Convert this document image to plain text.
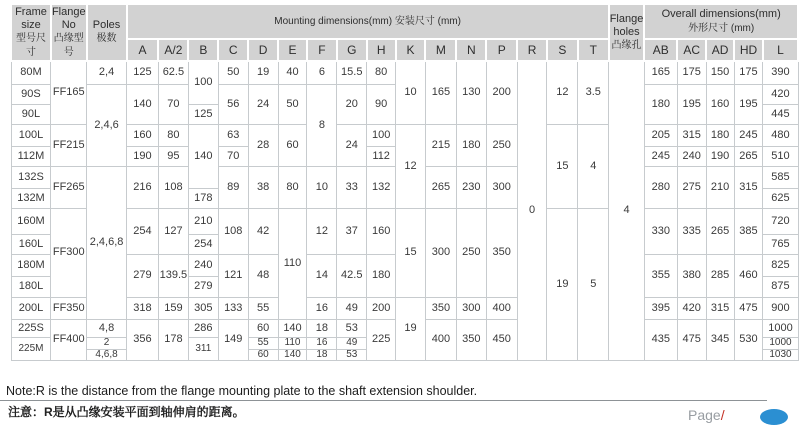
Frame
size
型号尺寸	Flange
No
凸缘型号	Poles
极数	Mounting dimensions(mm) 安装尺寸 (mm)																Flange
holes
凸缘孔	Overall dimensions(mm)
外形尺寸 (mm)				
			A	A/2	B	C	D	E	F	G	H	K	M	N	P	R	S	T		AB	AC	AD	HD	L
80M	FF165	2,4	125	62.5	100	50	19	40	6	15.5	80	10	165	130	200	0	12	3.5	4	165	175	150	175	390
90S		2,4,6	140	70		56	24	50	8	20	90									180	195	160	195	420
90L					125																			445
100L	FF215		160	80	140	63	28	60		24	100	12	215	180	250		15	4		205	315	180	245	480
112M			190	95		70					112									245	240	190	265	510
132S	FF265	2,4,6,8	216	108		89	38	80	10	33	132		265	230	300					280	275	210	315	585
132M					178																			625
160M	FF300		254	127	210	108	42	110	12	37	160	15	300	250	350		19	5		330	335	265	385	720
160L					254																			765
180M			279	139.5	240	121	48		14	42.5	180									355	380	285	460	825
180L					279																			875
200L	FF350		318	159	305	133	55		16	49	200	19	350	300	400					395	420	315	475	900
225S	FF400	4,8	356	178	286	149	60	140	18	53	225		400	350	450					435	475	345	530	1000
225M		2			311		55	110	16	49														1000
		4,6,8					60	140	18	53														1030
Note:R is the distance from the flange mounting plate to the shaft extension shoulder.
注意：R是从凸缘安装平面到轴伸肩的距离。	Page/
